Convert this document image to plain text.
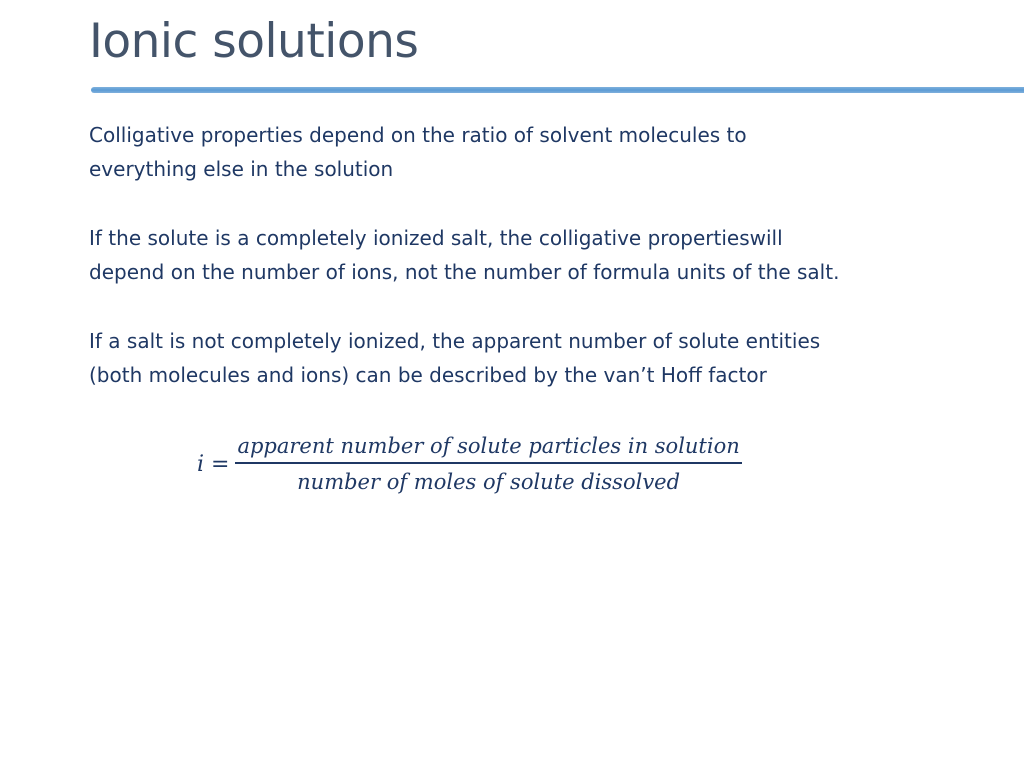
Ionic solutions

Colligative properties depend on the ratio of solvent molecules to
everything else in the solution

If the solute is a completely ionized salt, the colligative propertieswill
depend on the number of ions, not the number of formula units of the salt.

If a salt is not completely ionized, the apparent number of solute entities
(both molecules and ions) can be described by the van’t Hoff factor

$i = \frac{\text{apparent number of solute particles in solution}}{\text{number of moles of solute dissolved}}$
